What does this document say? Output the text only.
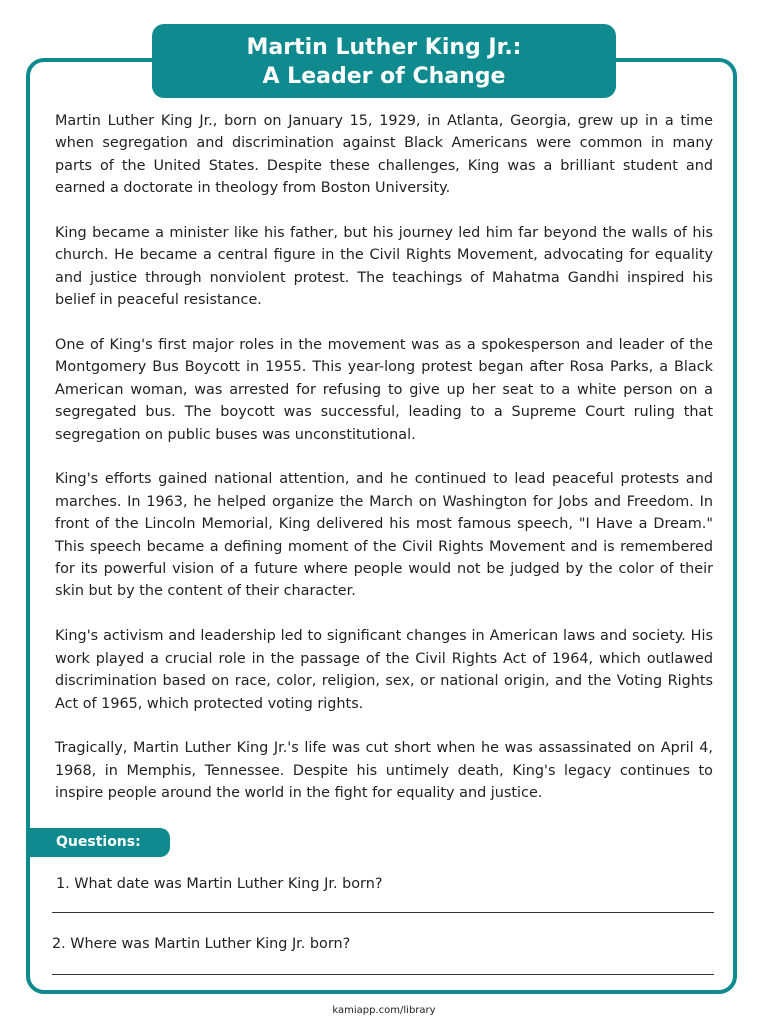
Martin Luther King Jr.:
A Leader of Change

Martin Luther King Jr., born on January 15, 1929, in Atlanta, Georgia, grew up in a time when segregation and discrimination against Black Americans were common in many parts of the United States. Despite these challenges, King was a brilliant student and earned a doctorate in theology from Boston University.

King became a minister like his father, but his journey led him far beyond the walls of his church. He became a central figure in the Civil Rights Movement, advocating for equality and justice through nonviolent protest. The teachings of Mahatma Gandhi inspired his belief in peaceful resistance.

One of King's first major roles in the movement was as a spokesperson and leader of the Montgomery Bus Boycott in 1955. This year-long protest began after Rosa Parks, a Black American woman, was arrested for refusing to give up her seat to a white person on a segregated bus. The boycott was successful, leading to a Supreme Court ruling that segregation on public buses was unconstitutional.

King's efforts gained national attention, and he continued to lead peaceful protests and marches. In 1963, he helped organize the March on Washington for Jobs and Freedom. In front of the Lincoln Memorial, King delivered his most famous speech, "I Have a Dream." This speech became a defining moment of the Civil Rights Movement and is remembered for its powerful vision of a future where people would not be judged by the color of their skin but by the content of their character.

King's activism and leadership led to significant changes in American laws and society. His work played a crucial role in the passage of the Civil Rights Act of 1964, which outlawed discrimination based on race, color, religion, sex, or national origin, and the Voting Rights Act of 1965, which protected voting rights.

Tragically, Martin Luther King Jr.'s life was cut short when he was assassinated on April 4, 1968, in Memphis, Tennessee. Despite his untimely death, King's legacy continues to inspire people around the world in the fight for equality and justice.

Questions:
1. What date was Martin Luther King Jr. born?
2. Where was Martin Luther King Jr. born?
kamiapp.com/library
